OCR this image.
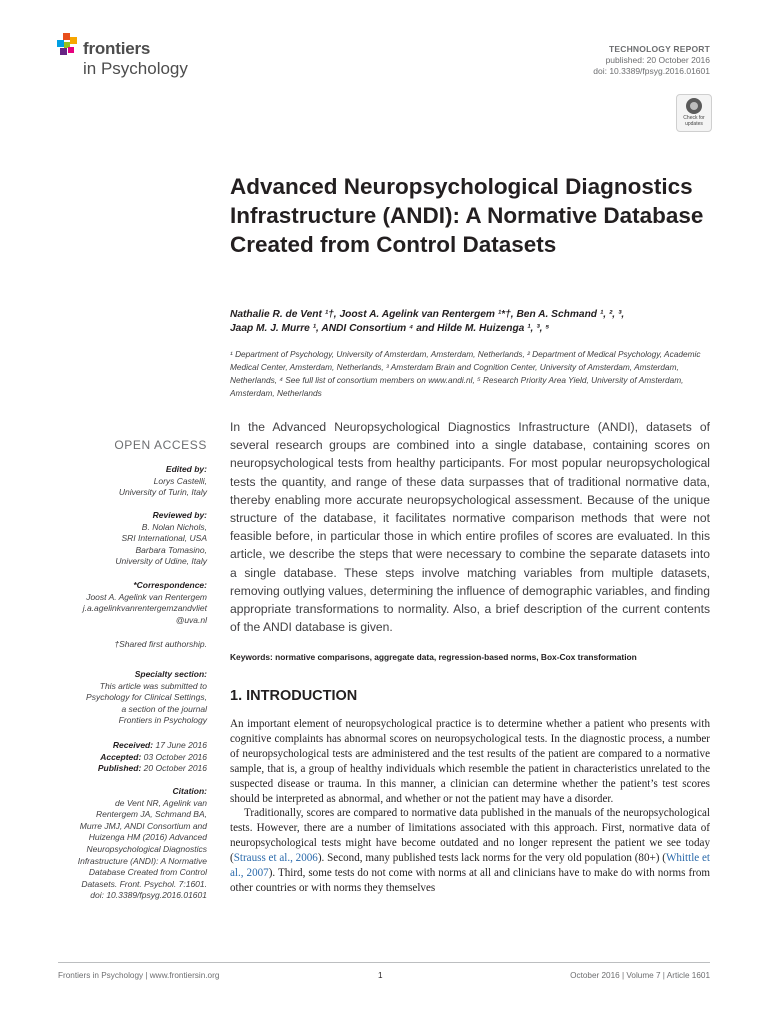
frontiers
in Psychology
TECHNOLOGY REPORT
published: 20 October 2016
doi: 10.3389/fpsyg.2016.01601
Check for
updates
Advanced Neuropsychological Diagnostics Infrastructure (ANDI): A Normative Database Created from Control Datasets
Nathalie R. de Vent ¹†, Joost A. Agelink van Rentergem ¹*†, Ben A. Schmand ¹, ², ³,
Jaap M. J. Murre ¹, ANDI Consortium ⁴ and Hilde M. Huizenga ¹, ³, ⁵
¹ Department of Psychology, University of Amsterdam, Amsterdam, Netherlands, ² Department of Medical Psychology, Academic Medical Center, Amsterdam, Netherlands, ³ Amsterdam Brain and Cognition Center, University of Amsterdam, Amsterdam, Netherlands, ⁴ See full list of consortium members on www.andi.nl, ⁵ Research Priority Area Yield, University of Amsterdam, Amsterdam, Netherlands
OPEN ACCESS
In the Advanced Neuropsychological Diagnostics Infrastructure (ANDI), datasets of several research groups are combined into a single database, containing scores on neuropsychological tests from healthy participants. For most popular neuropsychological tests the quantity, and range of these data surpasses that of traditional normative data, thereby enabling more accurate neuropsychological assessment. Because of the unique structure of the database, it facilitates normative comparison methods that were not feasible before, in particular those in which entire profiles of scores are evaluated. In this article, we describe the steps that were necessary to combine the separate datasets into a single database. These steps involve matching variables from multiple datasets, removing outlying values, determining the influence of demographic variables, and finding appropriate transformations to normality. Also, a brief description of the current contents of the ANDI database is given.
Keywords: normative comparisons, aggregate data, regression-based norms, Box-Cox transformation
Edited by:
Lorys Castelli,
University of Turin, Italy
Reviewed by:
B. Nolan Nichols,
SRI International, USA
Barbara Tomasino,
University of Udine, Italy
*Correspondence:
Joost A. Agelink van Rentergem
j.a.agelinkvanrentergemzandvliet
@uva.nl
†Shared first authorship.
Specialty section:
This article was submitted to
Psychology for Clinical Settings,
a section of the journal
Frontiers in Psychology
Received: 17 June 2016
Accepted: 03 October 2016
Published: 20 October 2016
Citation:
de Vent NR, Agelink van
Rentergem JA, Schmand BA,
Murre JMJ, ANDI Consortium and
Huizenga HM (2016) Advanced
Neuropsychological Diagnostics
Infrastructure (ANDI): A Normative
Database Created from Control
Datasets. Front. Psychol. 7:1601.
doi: 10.3389/fpsyg.2016.01601
1. INTRODUCTION

An important element of neuropsychological practice is to determine whether a patient who presents with cognitive complaints has abnormal scores on neuropsychological tests. In the diagnostic process, a number of neuropsychological tests are administered and the test results of the patient are compared to a normative sample, that is, a group of healthy individuals which resemble the patient in characteristics unrelated to the suspected disease or trauma. In this manner, a clinician can determine whether the patient’s test scores should be interpreted as abnormal, and whether or not the patient may have a disorder.

Traditionally, scores are compared to normative data published in the manuals of the neuropsychological tests. However, there are a number of limitations associated with this approach. First, normative data of neuropsychological tests might have become outdated and no longer represent the patient we see today (Strauss et al., 2006). Second, many published tests lack norms for the very old population (80+) (Whittle et al., 2007). Third, some tests do not come with norms at all and clinicians have to make do with norms from other countries or with norms they themselves

Frontiers in Psychology | www.frontiersin.org	1	October 2016 | Volume 7 | Article 1601
